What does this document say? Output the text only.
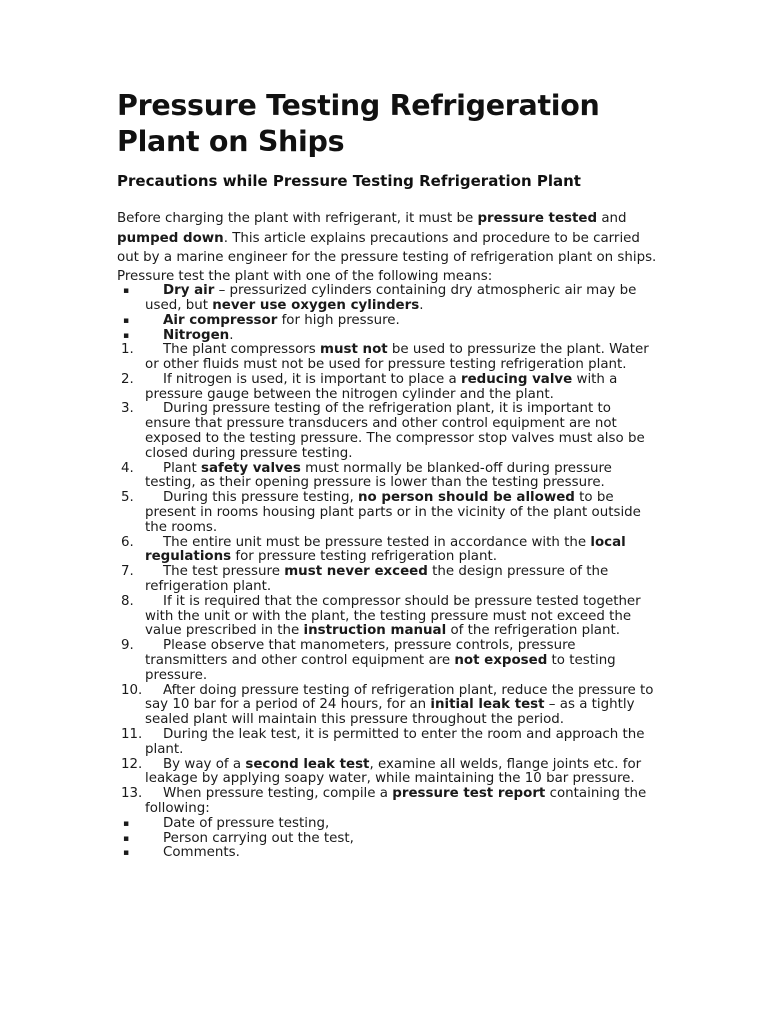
Pressure Testing Refrigeration Plant on Ships
Precautions while Pressure Testing Refrigeration Plant

Before charging the plant with refrigerant, it must be pressure tested and pumped down. This article explains precautions and procedure to be carried out by a marine engineer for the pressure testing of refrigeration plant on ships.

Pressure test the plant with one of the following means:

▪	Dry air – pressurized cylinders containing dry atmospheric air may be used, but never use oxygen cylinders.
▪	Air compressor for high pressure.
▪	Nitrogen.
1.	The plant compressors must not be used to pressurize the plant. Water or other fluids must not be used for pressure testing refrigeration plant.
2.	If nitrogen is used, it is important to place a reducing valve with a pressure gauge between the nitrogen cylinder and the plant.
3.	During pressure testing of the refrigeration plant, it is important to ensure that pressure transducers and other control equipment are not exposed to the testing pressure. The compressor stop valves must also be closed during pressure testing.
4.	Plant safety valves must normally be blanked-off during pressure testing, as their opening pressure is lower than the testing pressure.
5.	During this pressure testing, no person should be allowed to be present in rooms housing plant parts or in the vicinity of the plant outside the rooms.
6.	The entire unit must be pressure tested in accordance with the local regulations for pressure testing refrigeration plant.
7.	The test pressure must never exceed the design pressure of the refrigeration plant.
8.	If it is required that the compressor should be pressure tested together with the unit or with the plant, the testing pressure must not exceed the value prescribed in the instruction manual of the refrigeration plant.
9.	Please observe that manometers, pressure controls, pressure transmitters and other control equipment are not exposed to testing pressure.
10.	After doing pressure testing of refrigeration plant, reduce the pressure to say 10 bar for a period of 24 hours, for an initial leak test – as a tightly sealed plant will maintain this pressure throughout the period.
11.	During the leak test, it is permitted to enter the room and approach the plant.
12.	By way of a second leak test, examine all welds, flange joints etc. for leakage by applying soapy water, while maintaining the 10 bar pressure.
13.	When pressure testing, compile a pressure test report containing the following:
▪	Date of pressure testing,
▪	Person carrying out the test,
▪	Comments.
